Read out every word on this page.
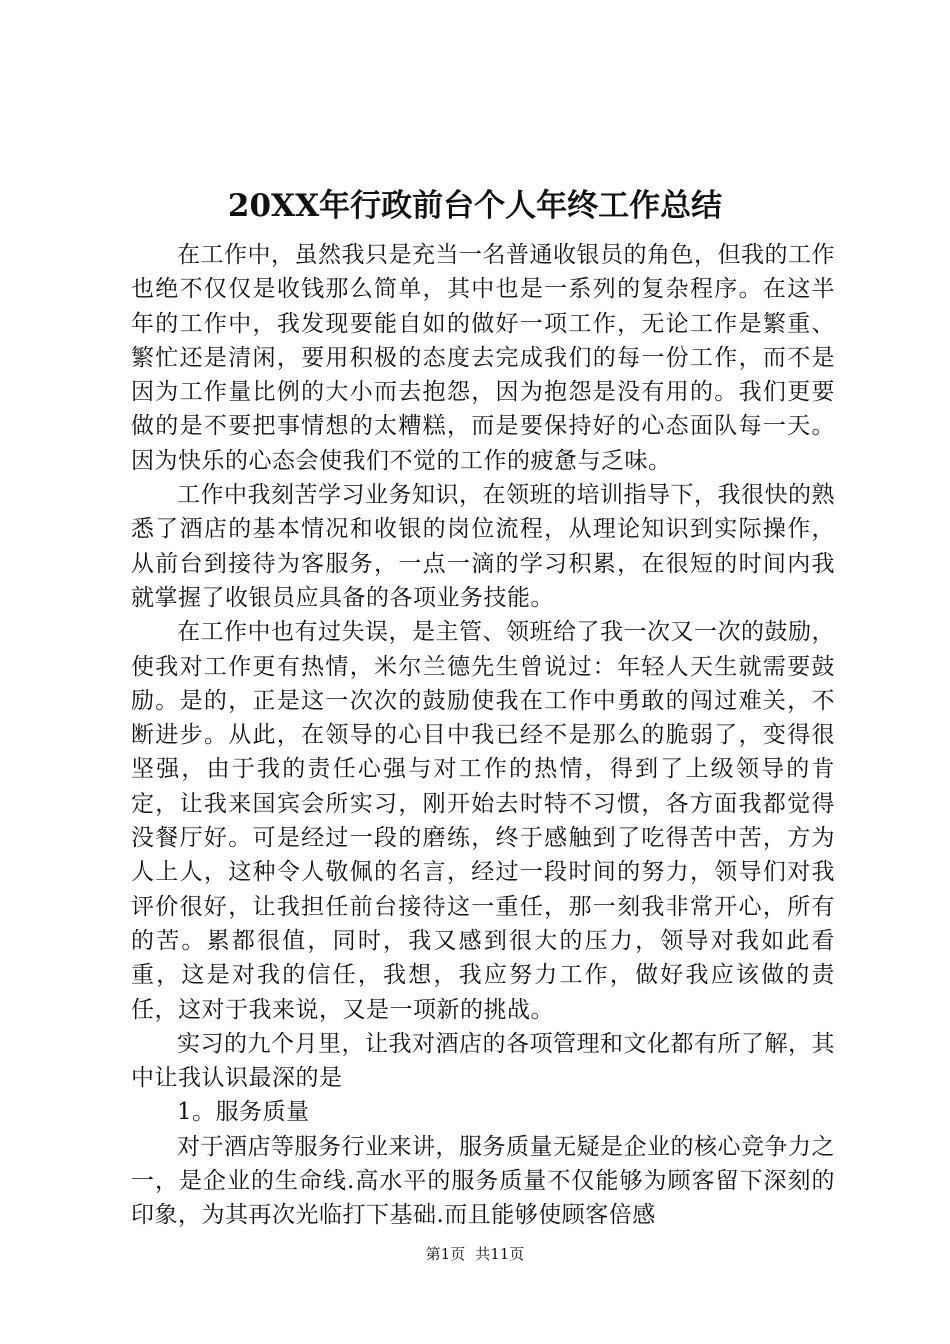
20XX年行政前台个人年终工作总结

在工作中，虽然我只是充当一名普通收银员的角色，但我的工作也绝不仅仅是收钱那么简单，其中也是一系列的复杂程序。在这半年的工作中，我发现要能自如的做好一项工作，无论工作是繁重、繁忙还是清闲，要用积极的态度去完成我们的每一份工作，而不是因为工作量比例的大小而去抱怨，因为抱怨是没有用的。我们更要做的是不要把事情想的太糟糕，而是要保持好的心态面队每一天。因为快乐的心态会使我们不觉的工作的疲惫与乏味。

工作中我刻苦学习业务知识，在领班的培训指导下，我很快的熟悉了酒店的基本情况和收银的岗位流程，从理论知识到实际操作，从前台到接待为客服务，一点一滴的学习积累，在很短的时间内我就掌握了收银员应具备的各项业务技能。

在工作中也有过失误，是主管、领班给了我一次又一次的鼓励，使我对工作更有热情，米尔兰德先生曾说过：年轻人天生就需要鼓励。是的，正是这一次次的鼓励使我在工作中勇敢的闯过难关，不断进步。从此，在领导的心目中我已经不是那么的脆弱了，变得很坚强，由于我的责任心强与对工作的热情，得到了上级领导的肯定，让我来国宾会所实习，刚开始去时特不习惯，各方面我都觉得没餐厅好。可是经过一段的磨练，终于感触到了吃得苦中苦，方为人上人，这种令人敬佩的名言，经过一段时间的努力，领导们对我评价很好，让我担任前台接待这一重任，那一刻我非常开心，所有的苦。累都很值，同时，我又感到很大的压力，领导对我如此看重，这是对我的信任，我想，我应努力工作，做好我应该做的责任，这对于我来说，又是一项新的挑战。

实习的九个月里，让我对酒店的各项管理和文化都有所了解，其中让我认识最深的是

1。服务质量

对于酒店等服务行业来讲，服务质量无疑是企业的核心竞争力之一，是企业的生命线.高水平的服务质量不仅能够为顾客留下深刻的印象，为其再次光临打下基础.而且能够使顾客倍感

第1页 共11页
